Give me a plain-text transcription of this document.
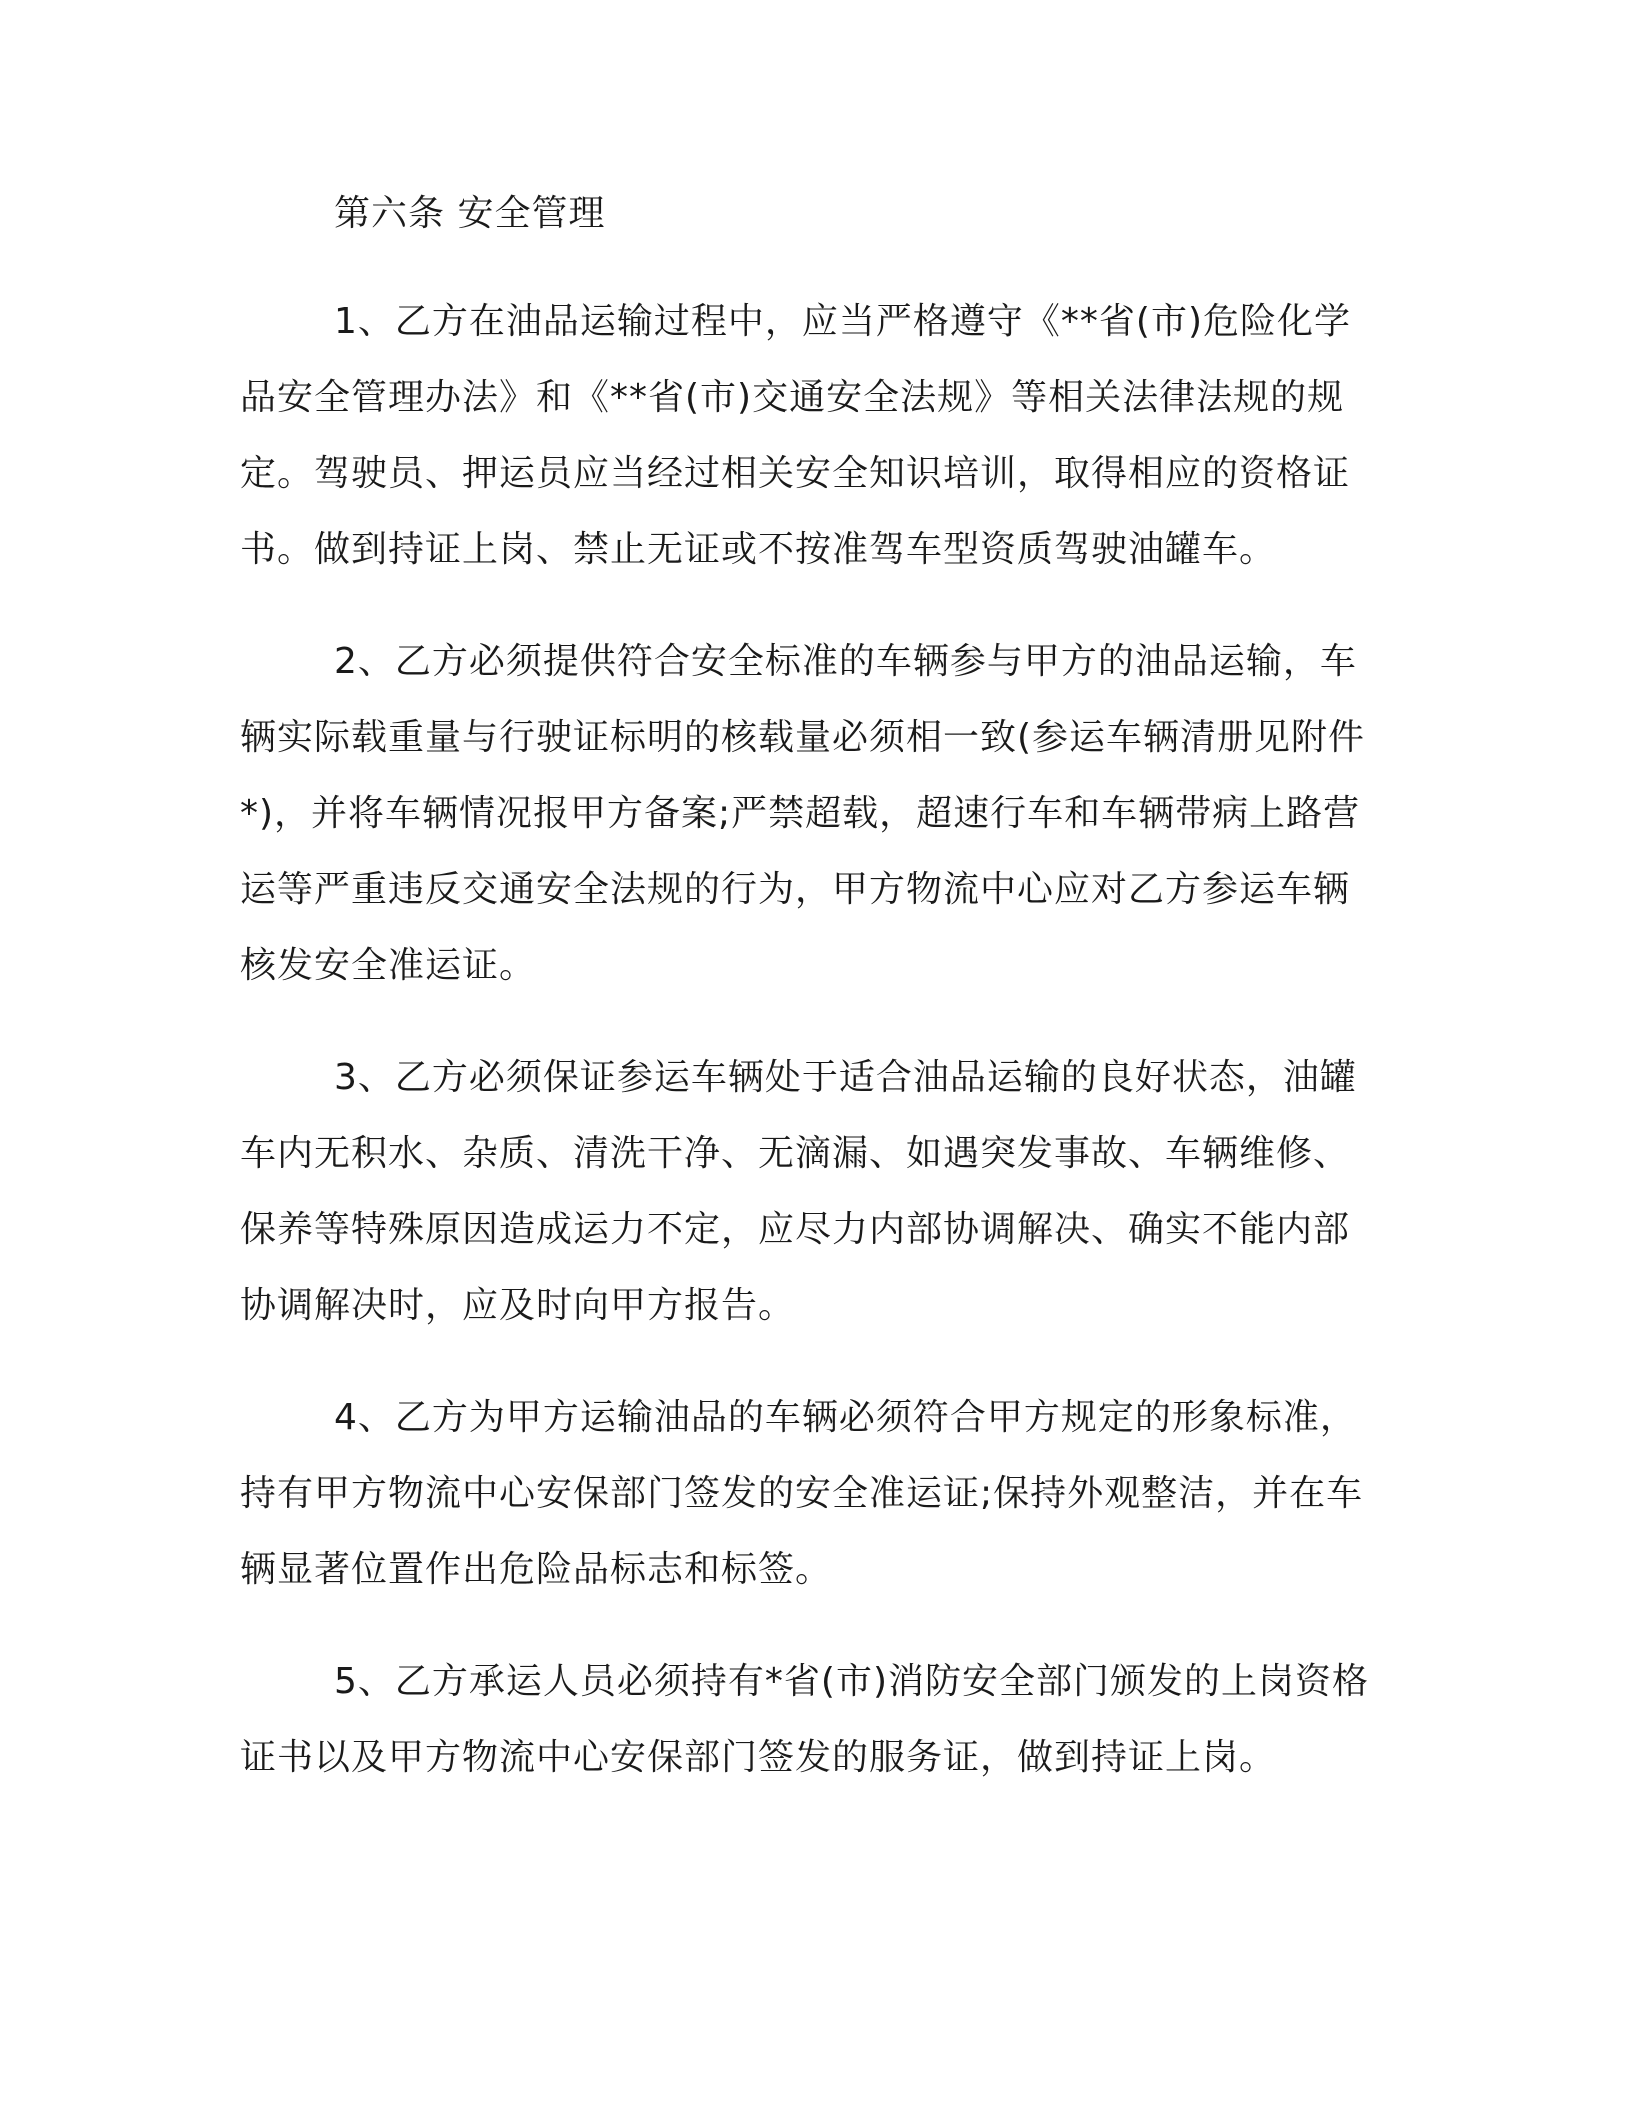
第六条 安全管理

1、乙方在油品运输过程中，应当严格遵守《**省(市)危险化学品安全管理办法》和《**省(市)交通安全法规》等相关法律法规的规定。驾驶员、押运员应当经过相关安全知识培训，取得相应的资格证书。做到持证上岗、禁止无证或不按准驾车型资质驾驶油罐车。

2、乙方必须提供符合安全标准的车辆参与甲方的油品运输，车辆实际载重量与行驶证标明的核载量必须相一致(参运车辆清册见附件*)，并将车辆情况报甲方备案;严禁超载，超速行车和车辆带病上路营运等严重违反交通安全法规的行为，甲方物流中心应对乙方参运车辆核发安全准运证。

3、乙方必须保证参运车辆处于适合油品运输的良好状态，油罐车内无积水、杂质、清洗干净、无滴漏、如遇突发事故、车辆维修、保养等特殊原因造成运力不定，应尽力内部协调解决、确实不能内部协调解决时，应及时向甲方报告。

4、乙方为甲方运输油品的车辆必须符合甲方规定的形象标准，持有甲方物流中心安保部门签发的安全准运证;保持外观整洁，并在车辆显著位置作出危险品标志和标签。

5、乙方承运人员必须持有*省(市)消防安全部门颁发的上岗资格证书以及甲方物流中心安保部门签发的服务证，做到持证上岗。
